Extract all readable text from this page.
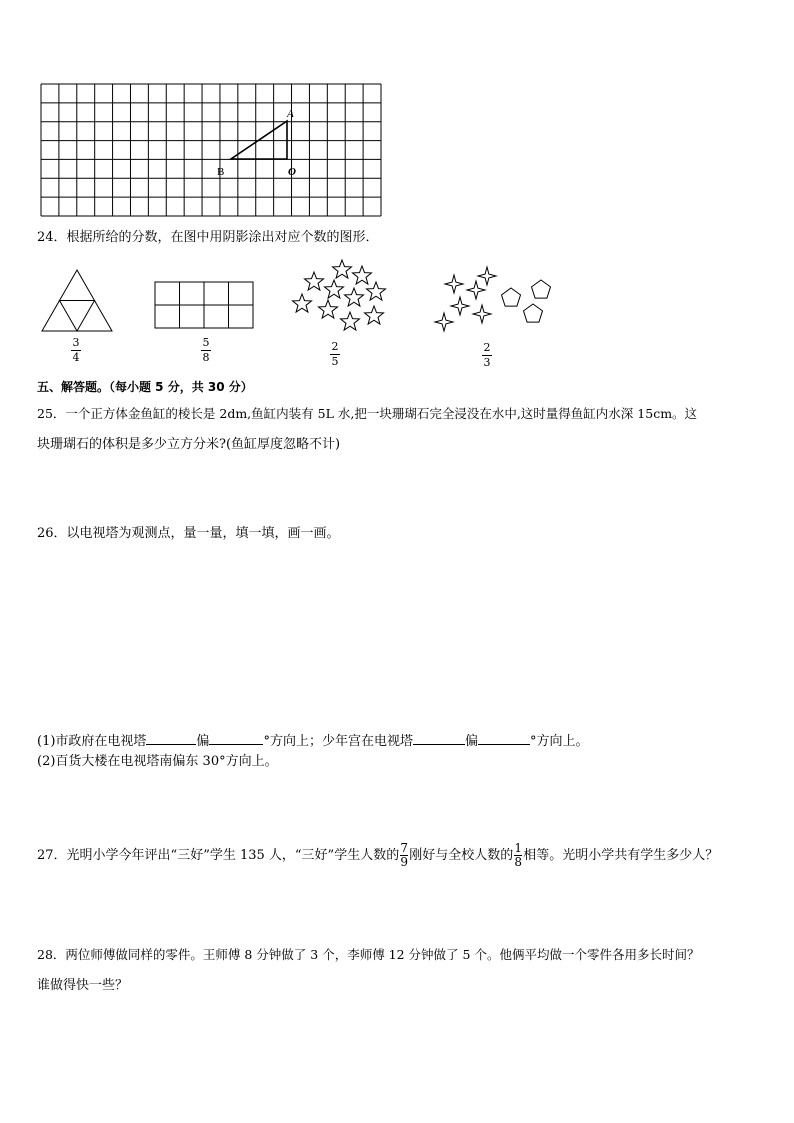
A
B	O
24．根据所给的分数，在图中用阴影涂出对应个数的图形．
3
4
5
8
2
5
2
3
五、解答题。（每小题 5 分，共 30 分）
25．一个正方体金鱼缸的棱长是 2dm,鱼缸内装有 5L 水,把一块珊瑚石完全浸没在水中,这时量得鱼缸内水深 15cm。这
块珊瑚石的体积是多少立方分米?(鱼缸厚度忽略不计)
26．以电视塔为观测点，量一量，填一填，画一画。
(1)市政府在电视塔	偏	°方向上；少年宫在电视塔	偏	°方向上。
(2)百货大楼在电视塔南偏东 30°方向上。
27．光明小学今年评出“三好”学生 135 人，“三好”学生人数的 $\frac{7}{9}$ 刚好与全校人数的 $\frac{1}{8}$ 相等。光明小学共有学生多少人？
28．两位师傅做同样的零件。王师傅 8 分钟做了 3 个，李师傅 12 分钟做了 5 个。他俩平均做一个零件各用多长时间？
谁做得快一些？
